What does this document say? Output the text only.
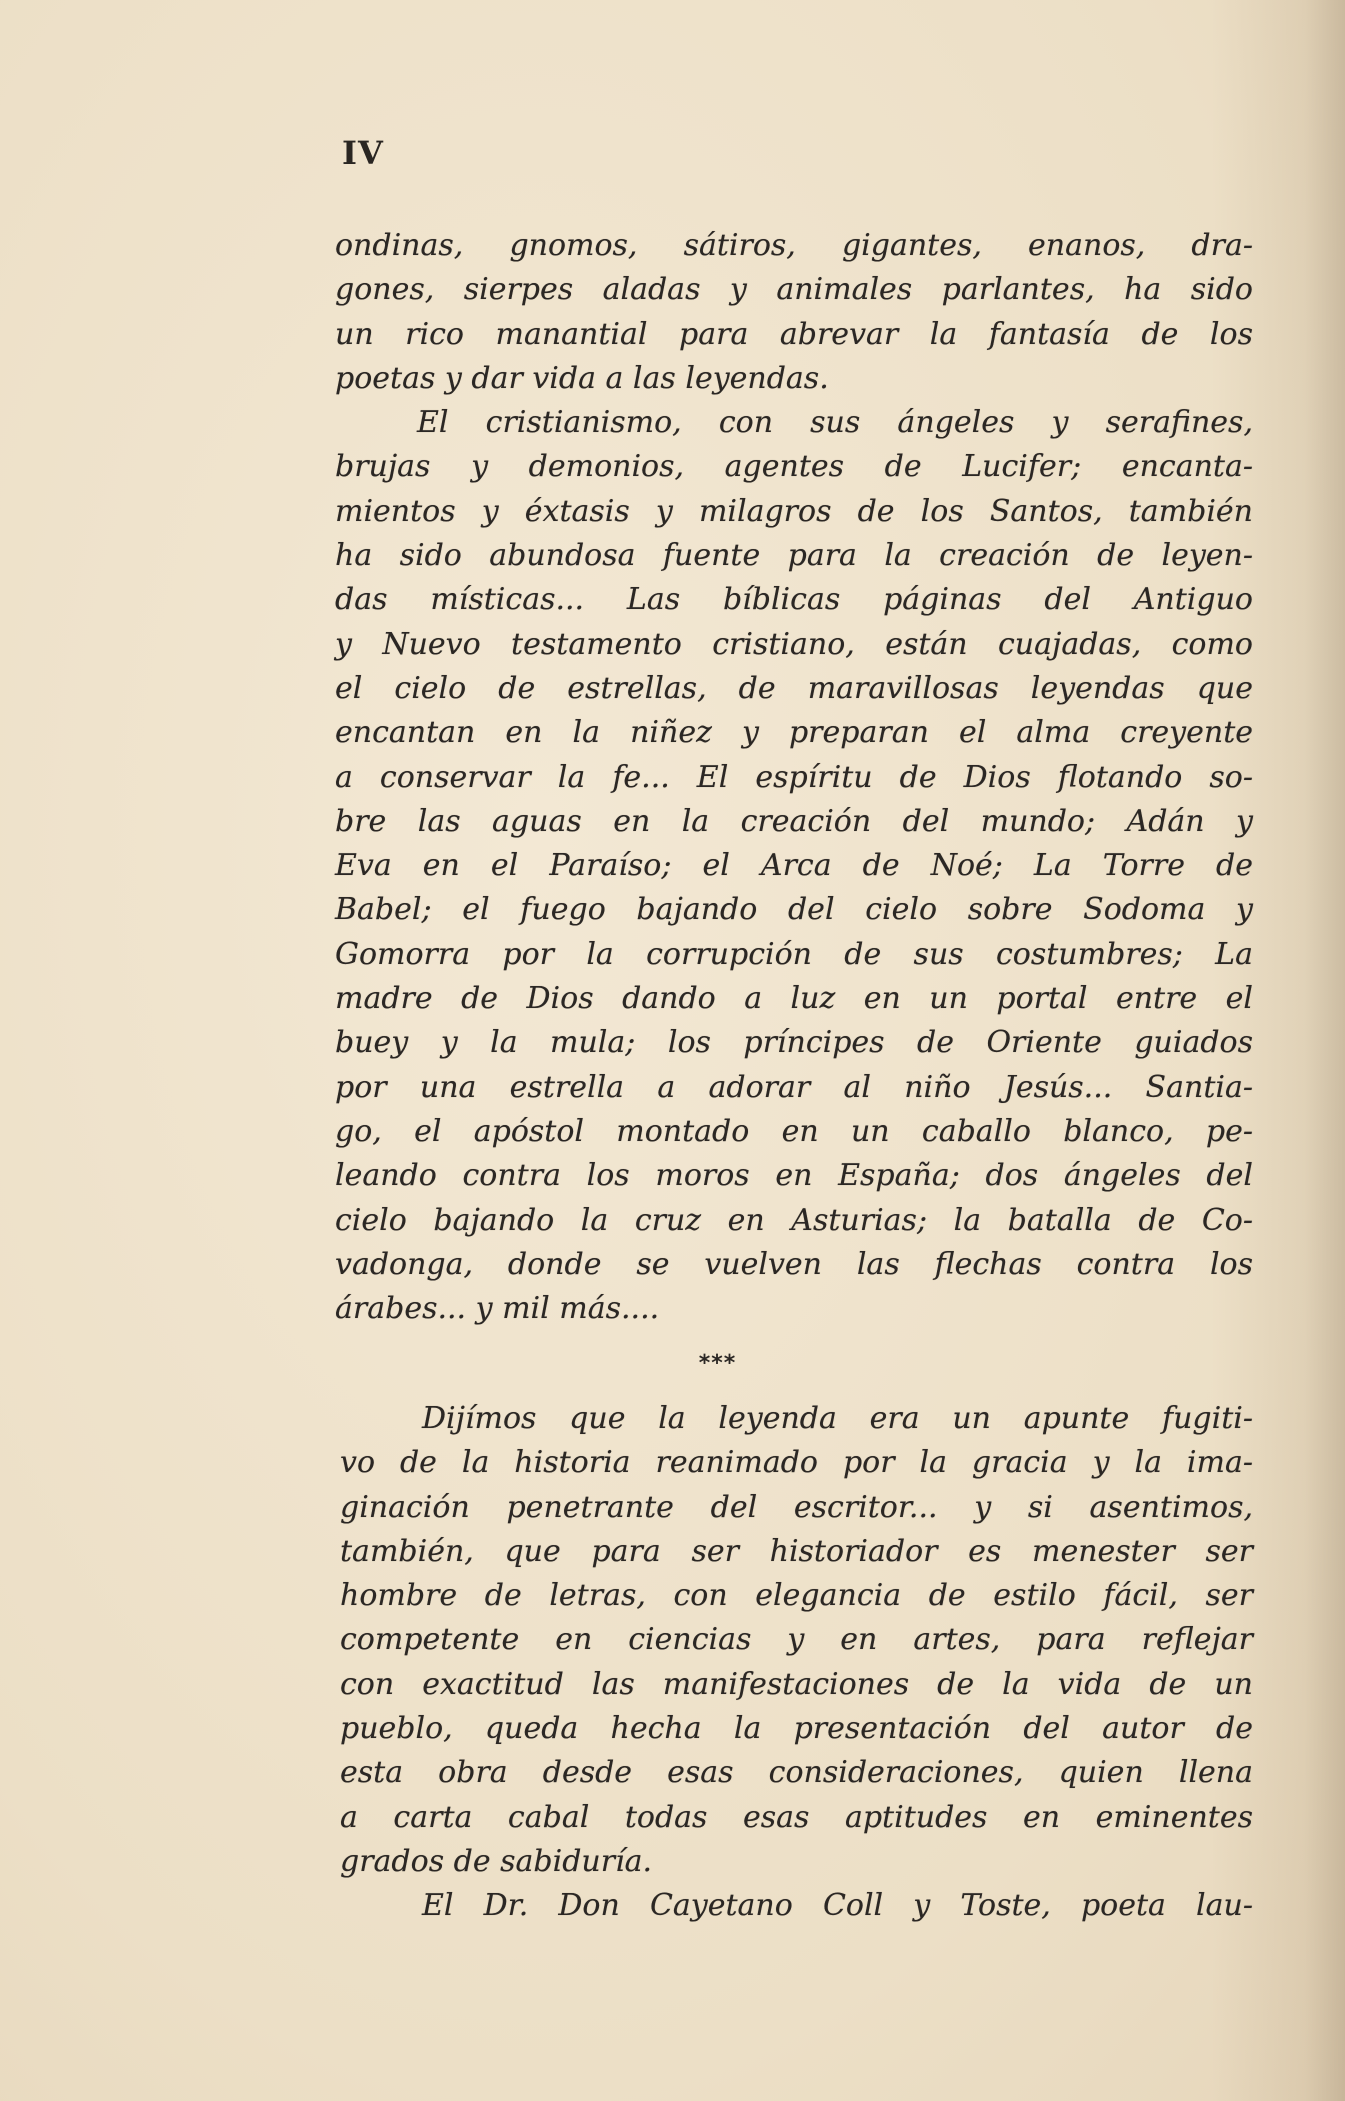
IV
ondinas, gnomos, sátiros, gigantes, enanos, dra-
gones, sierpes aladas y animales parlantes, ha sido
un rico manantial para abrevar la fantasía de los
poetas y dar vida a las leyendas.
El cristianismo, con sus ángeles y serafines,
brujas y demonios, agentes de Lucifer; encanta-
mientos y éxtasis y milagros de los Santos, también
ha sido abundosa fuente para la creación de leyen-
das místicas... Las bíblicas páginas del Antiguo
y Nuevo testamento cristiano, están cuajadas, como
el cielo de estrellas, de maravillosas leyendas que
encantan en la niñez y preparan el alma creyente
a conservar la fe... El espíritu de Dios flotando so-
bre las aguas en la creación del mundo; Adán y
Eva en el Paraíso; el Arca de Noé; La Torre de
Babel; el fuego bajando del cielo sobre Sodoma y
Gomorra por la corrupción de sus costumbres; La
madre de Dios dando a luz en un portal entre el
buey y la mula; los príncipes de Oriente guiados
por una estrella a adorar al niño Jesús... Santia-
go, el apóstol montado en un caballo blanco, pe-
leando contra los moros en España; dos ángeles del
cielo bajando la cruz en Asturias; la batalla de Co-
vadonga, donde se vuelven las flechas contra los
árabes... y mil más....
***
Dijímos que la leyenda era un apunte fugiti-
vo de la historia reanimado por la gracia y la ima-
ginación penetrante del escritor... y si asentimos,
también, que para ser historiador es menester ser
hombre de letras, con elegancia de estilo fácil, ser
competente en ciencias y en artes, para reflejar
con exactitud las manifestaciones de la vida de un
pueblo, queda hecha la presentación del autor de
esta obra desde esas consideraciones, quien llena
a carta cabal todas esas aptitudes en eminentes
grados de sabiduría.
El Dr. Don Cayetano Coll y Toste, poeta lau-
